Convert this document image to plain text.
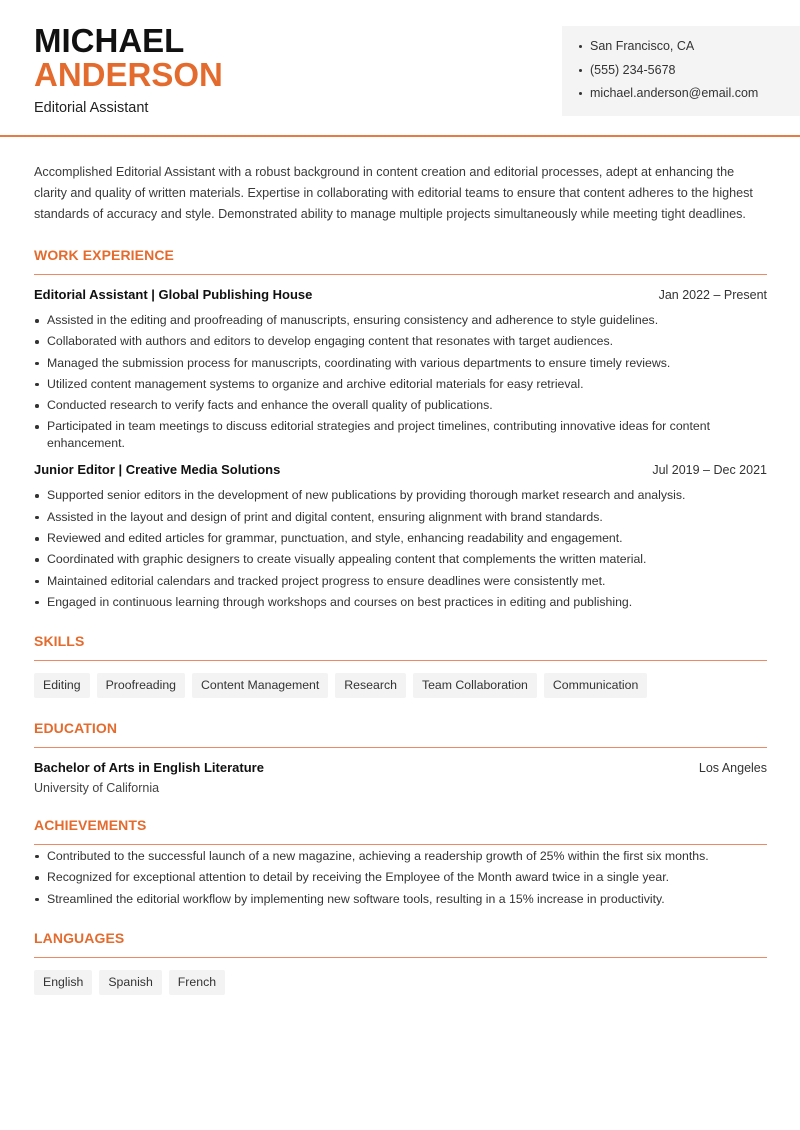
MICHAEL
ANDERSON
Editorial Assistant
San Francisco, CA
(555) 234-5678
michael.anderson@email.com

Accomplished Editorial Assistant with a robust background in content creation and editorial processes, adept at enhancing the clarity and quality of written materials. Expertise in collaborating with editorial teams to ensure that content adheres to the highest standards of accuracy and style. Demonstrated ability to manage multiple projects simultaneously while meeting tight deadlines.

WORK EXPERIENCE
Editorial Assistant | Global Publishing House	Jan 2022 – Present
Assisted in the editing and proofreading of manuscripts, ensuring consistency and adherence to style guidelines.
Collaborated with authors and editors to develop engaging content that resonates with target audiences.
Managed the submission process for manuscripts, coordinating with various departments to ensure timely reviews.
Utilized content management systems to organize and archive editorial materials for easy retrieval.
Conducted research to verify facts and enhance the overall quality of publications.
Participated in team meetings to discuss editorial strategies and project timelines, contributing innovative ideas for content enhancement.
Junior Editor | Creative Media Solutions	Jul 2019 – Dec 2021
Supported senior editors in the development of new publications by providing thorough market research and analysis.
Assisted in the layout and design of print and digital content, ensuring alignment with brand standards.
Reviewed and edited articles for grammar, punctuation, and style, enhancing readability and engagement.
Coordinated with graphic designers to create visually appealing content that complements the written material.
Maintained editorial calendars and tracked project progress to ensure deadlines were consistently met.
Engaged in continuous learning through workshops and courses on best practices in editing and publishing.
SKILLS
Editing	Proofreading	Content Management	Research	Team Collaboration	Communication
EDUCATION
Bachelor of Arts in English Literature	Los Angeles
University of California
ACHIEVEMENTS
Contributed to the successful launch of a new magazine, achieving a readership growth of 25% within the first six months.
Recognized for exceptional attention to detail by receiving the Employee of the Month award twice in a single year.
Streamlined the editorial workflow by implementing new software tools, resulting in a 15% increase in productivity.
LANGUAGES
English	Spanish	French
